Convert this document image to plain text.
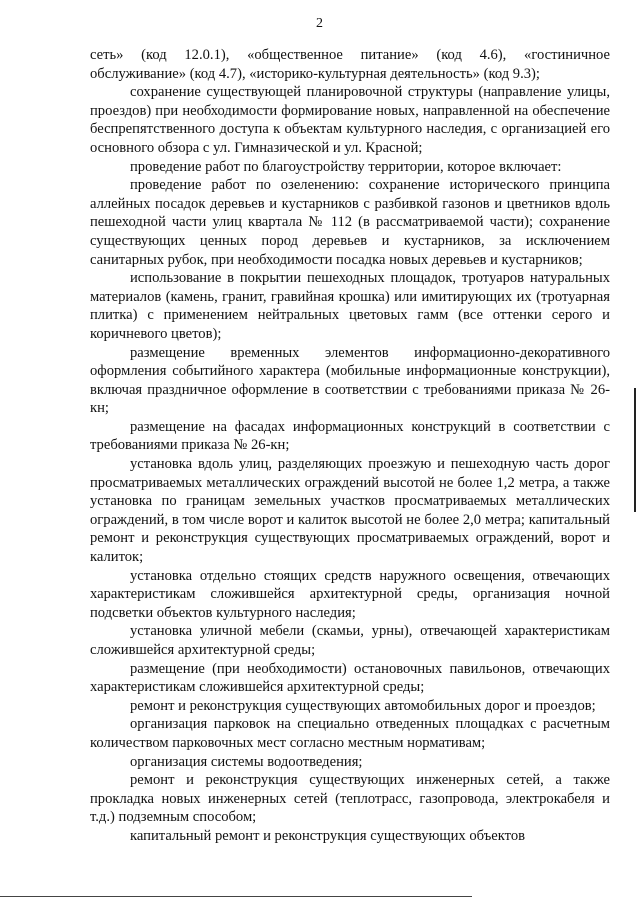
2

сеть» (код 12.0.1), «общественное питание» (код 4.6), «гостиничное обслуживание» (код 4.7), «историко-культурная деятельность» (код 9.3);

сохранение существующей планировочной структуры (направление улицы, проездов) при необходимости формирование новых, направленной на обеспечение беспрепятственного доступа к объектам культурного наследия, с организацией его основного обзора с ул. Гимназической и ул. Красной;

проведение работ по благоустройству территории, которое включает:

проведение работ по озеленению: сохранение исторического принципа аллейных посадок деревьев и кустарников с разбивкой газонов и цветников вдоль пешеходной части улиц квартала № 112 (в рассматриваемой части); сохранение существующих ценных пород деревьев и кустарников, за исключением санитарных рубок, при необходимости посадка новых деревьев и кустарников;

использование в покрытии пешеходных площадок, тротуаров натуральных материалов (камень, гранит, гравийная крошка) или имитирующих их (тротуарная плитка) с применением нейтральных цветовых гамм (все оттенки серого и коричневого цветов);

размещение временных элементов информационно-декоративного оформления событийного характера (мобильные информационные конструкции), включая праздничное оформление в соответствии с требованиями приказа № 26-кн;

размещение на фасадах информационных конструкций в соответствии с требованиями приказа № 26-кн;

установка вдоль улиц, разделяющих проезжую и пешеходную часть дорог просматриваемых металлических ограждений высотой не более 1,2 метра, а также установка по границам земельных участков просматриваемых металлических ограждений, в том числе ворот и калиток высотой не более 2,0 метра; капитальный ремонт и реконструкция существующих просматриваемых ограждений, ворот и калиток;

установка отдельно стоящих средств наружного освещения, отвечающих характеристикам сложившейся архитектурной среды, организация ночной подсветки объектов культурного наследия;

установка уличной мебели (скамьи, урны), отвечающей характеристикам сложившейся архитектурной среды;

размещение (при необходимости) остановочных павильонов, отвечающих характеристикам сложившейся архитектурной среды;

ремонт и реконструкция существующих автомобильных дорог и проездов;

организация парковок на специально отведенных площадках с расчетным количеством парковочных мест согласно местным нормативам;

организация системы водоотведения;

ремонт и реконструкция существующих инженерных сетей, а также прокладка новых инженерных сетей (теплотрасс, газопровода, электрокабеля и т.д.) подземным способом;

капитальный ремонт и реконструкция существующих объектов
